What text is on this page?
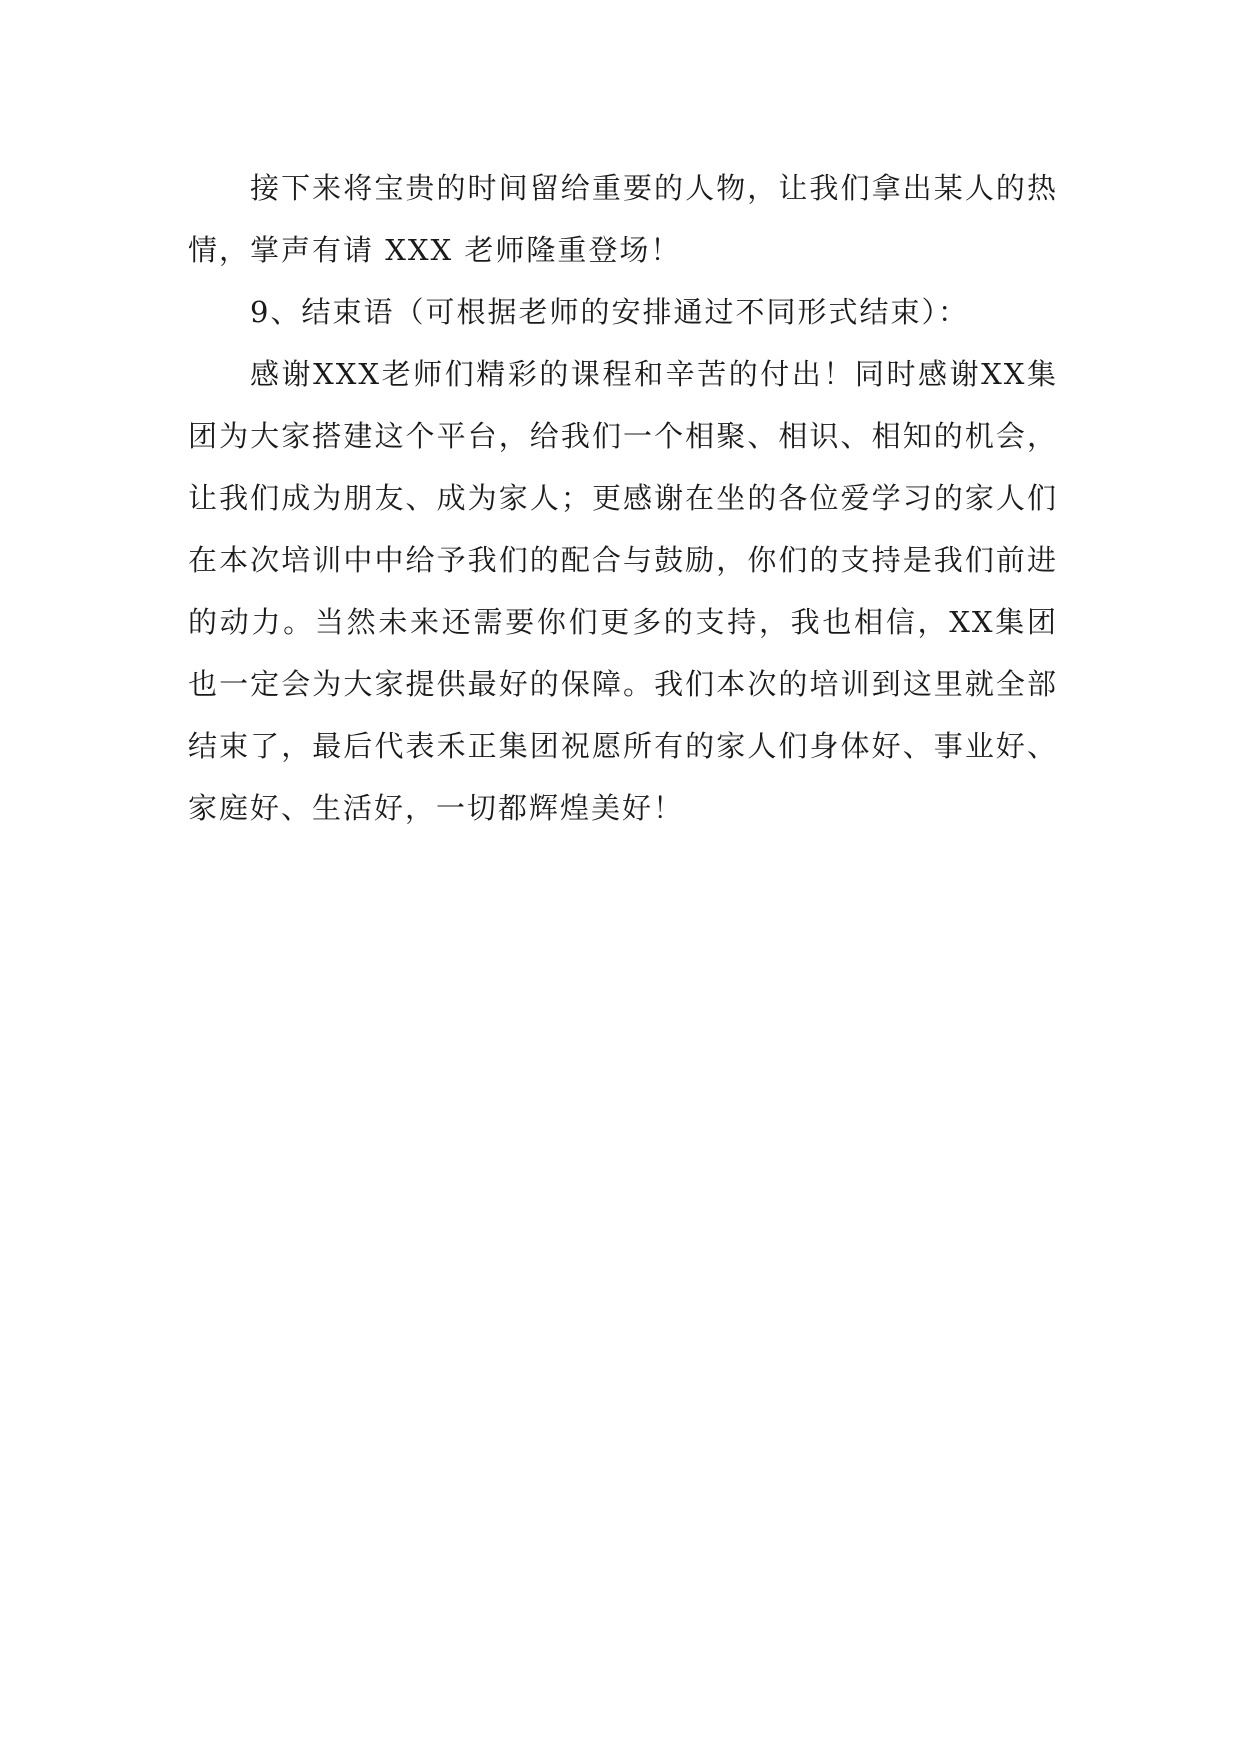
接下来将宝贵的时间留给重要的人物，让我们拿出某人的热情，掌声有请 XXX 老师隆重登场！

9、结束语（可根据老师的安排通过不同形式结束）：

感谢XXX老师们精彩的课程和辛苦的付出！同时感谢XX集团为大家搭建这个平台，给我们一个相聚、相识、相知的机会，让我们成为朋友、成为家人；更感谢在坐的各位爱学习的家人们在本次培训中中给予我们的配合与鼓励，你们的支持是我们前进的动力。当然未来还需要你们更多的支持，我也相信，XX集团也一定会为大家提供最好的保障。我们本次的培训到这里就全部结束了，最后代表禾正集团祝愿所有的家人们身体好、事业好、家庭好、生活好，一切都辉煌美好！
